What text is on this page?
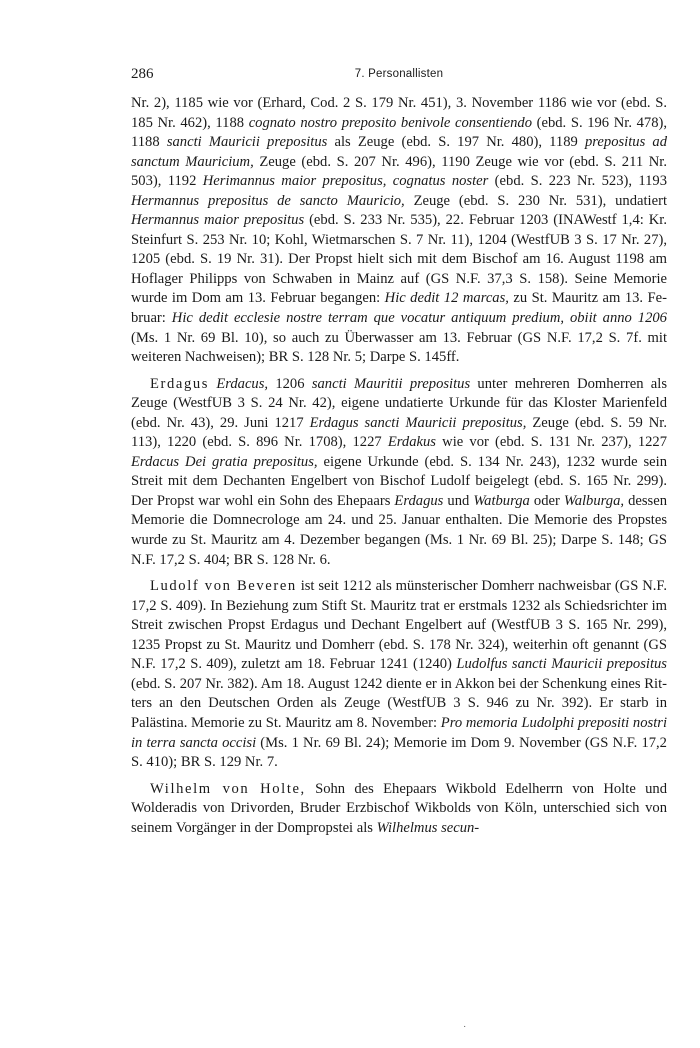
286	7. Personallisten

Nr. 2), 1185 wie vor (Erhard, Cod. 2 S. 179 Nr. 451), 3. November 1186 wie vor (ebd. S. 185 Nr. 462), 1188 cognato nostro preposito benivole consentiendo (ebd. S. 196 Nr. 478), 1188 sancti Mauricii prepositus als Zeuge (ebd. S. 197 Nr. 480), 1189 prepositus ad sanctum Mauricium, Zeuge (ebd. S. 207 Nr. 496), 1190 Zeuge wie vor (ebd. S. 211 Nr. 503), 1192 Herimannus maior prepositus, cognatus noster (ebd. S. 223 Nr. 523), 1193 Hermannus prepositus de sancto Mauricio, Zeuge (ebd. S. 230 Nr. 531), undatiert Hermannus maior prepositus (ebd. S. 233 Nr. 535), 22. Februar 1203 (INAWestf 1,4: Kr. Steinfurt S. 253 Nr. 10; Kohl, Wietmarschen S. 7 Nr. 11), 1204 (WestfUB 3 S. 17 Nr. 27), 1205 (ebd. S. 19 Nr. 31). Der Propst hielt sich mit dem Bischof am 16. August 1198 am Hoflager Philipps von Schwaben in Mainz auf (GS N.F. 37,3 S. 158). Seine Memorie wurde im Dom am 13. Februar begangen: Hic dedit 12 marcas, zu St. Mauritz am 13. Februar: Hic dedit ecclesie nostre terram que vocatur antiquum predium, obiit anno 1206 (Ms. 1 Nr. 69 Bl. 10), so auch zu Überwasser am 13. Februar (GS N.F. 17,2 S. 7f. mit weiteren Nachweisen); BR S. 128 Nr. 5; Darpe S. 145ff.

Erdagus Erdacus, 1206 sancti Mauritii prepositus unter mehreren Domherren als Zeuge (WestfUB 3 S. 24 Nr. 42), eigene undatierte Urkunde für das Kloster Marienfeld (ebd. Nr. 43), 29. Juni 1217 Erdagus sancti Mauricii prepositus, Zeuge (ebd. S. 59 Nr. 113), 1220 (ebd. S. 896 Nr. 1708), 1227 Erdakus wie vor (ebd. S. 131 Nr. 237), 1227 Erdacus Dei gratia prepositus, eigene Urkunde (ebd. S. 134 Nr. 243), 1232 wurde sein Streit mit dem Dechanten Engelbert von Bischof Ludolf beigelegt (ebd. S. 165 Nr. 299). Der Propst war wohl ein Sohn des Ehepaars Erdagus und Watburga oder Walburga, dessen Memorie die Domnecrologe am 24. und 25. Januar enthalten. Die Memorie des Propstes wurde zu St. Mauritz am 4. Dezember begangen (Ms. 1 Nr. 69 Bl. 25); Darpe S. 148; GS N.F. 17,2 S. 404; BR S. 128 Nr. 6.

Ludolf von Beveren ist seit 1212 als münsterischer Domherr nachweisbar (GS N.F. 17,2 S. 409). In Beziehung zum Stift St. Mauritz trat er erstmals 1232 als Schiedsrichter im Streit zwischen Propst Erdagus und Dechant Engelbert auf (WestfUB 3 S. 165 Nr. 299), 1235 Propst zu St. Mauritz und Domherr (ebd. S. 178 Nr. 324), weiterhin oft genannt (GS N.F. 17,2 S. 409), zuletzt am 18. Februar 1241 (1240) Ludolfus sancti Mauricii prepositus (ebd. S. 207 Nr. 382). Am 18. August 1242 diente er in Akkon bei der Schenkung eines Ritters an den Deutschen Orden als Zeuge (WestfUB 3 S. 946 zu Nr. 392). Er starb in Palästina. Memorie zu St. Mauritz am 8. November: Pro memoria Ludolphi prepositi nostri in terra sancta occisi (Ms. 1 Nr. 69 Bl. 24); Memorie im Dom 9. November (GS N.F. 17,2 S. 410); BR S. 129 Nr. 7.

Wilhelm von Holte, Sohn des Ehepaars Wikbold Edelherrn von Holte und Wolderadis von Drivorden, Bruder Erzbischof Wikbolds von Köln, unterschied sich von seinem Vorgänger in der Dompropstei als Wilhelmus secun-

˙
